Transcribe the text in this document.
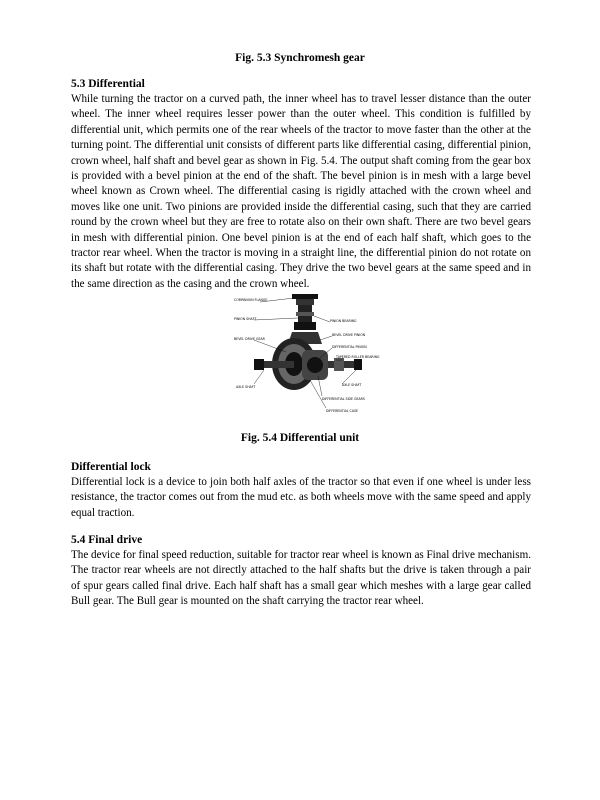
Fig. 5.3 Synchromesh gear
5.3 Differential
While turning the tractor on a curved path, the inner wheel has to travel lesser distance than the outer wheel. The inner wheel requires lesser power than the outer wheel. This condition is fulfilled by differential unit, which permits one of the rear wheels of the tractor to move faster than the other at the turning point. The differential unit consists of different parts like differential casing, differential pinion, crown wheel, half shaft and bevel gear as shown in Fig. 5.4. The output shaft coming from the gear box is provided with a bevel pinion at the end of the shaft. The bevel pinion is in mesh with a large bevel wheel known as Crown wheel. The differential casing is rigidly attached with the crown wheel and moves like one unit. Two pinions are provided inside the differential casing, such that they are carried round by the crown wheel but they are free to rotate also on their own shaft. There are two bevel gears in mesh with differential pinion. One bevel pinion is at the end of each half shaft, which goes to the tractor rear wheel. When the tractor is moving in a straight line, the differential pinion do not rotate on its shaft but rotate with the differential casing. They drive the two bevel gears at the same speed and in the same direction as the casing and the crown wheel.
COMPANION FLANGE
PINION SHAFT
BEVEL DRIVE GEAR
AXLE SHAFT
PINION BEARING
BEVEL DRIVE PINION
DIFFERENTIAL PINION
TAPERED ROLLER BEARING
AXLE SHAFT
DIFFERENTIAL SIDE GEARS
DIFFERENTIAL CASE
Fig. 5.4 Differential unit
Differential lock
Differential lock is a device to join both half axles of the tractor so that even if one wheel is under less resistance, the tractor comes out from the mud etc. as both wheels move with the same speed and apply equal traction.
5.4 Final drive
The device for final speed reduction, suitable for tractor rear wheel is known as Final drive mechanism. The tractor rear wheels are not directly attached to the half shafts but the drive is taken through a pair of spur gears called final drive. Each half shaft has a small gear which meshes with a large gear called Bull gear. The Bull gear is mounted on the shaft carrying the tractor rear wheel.
